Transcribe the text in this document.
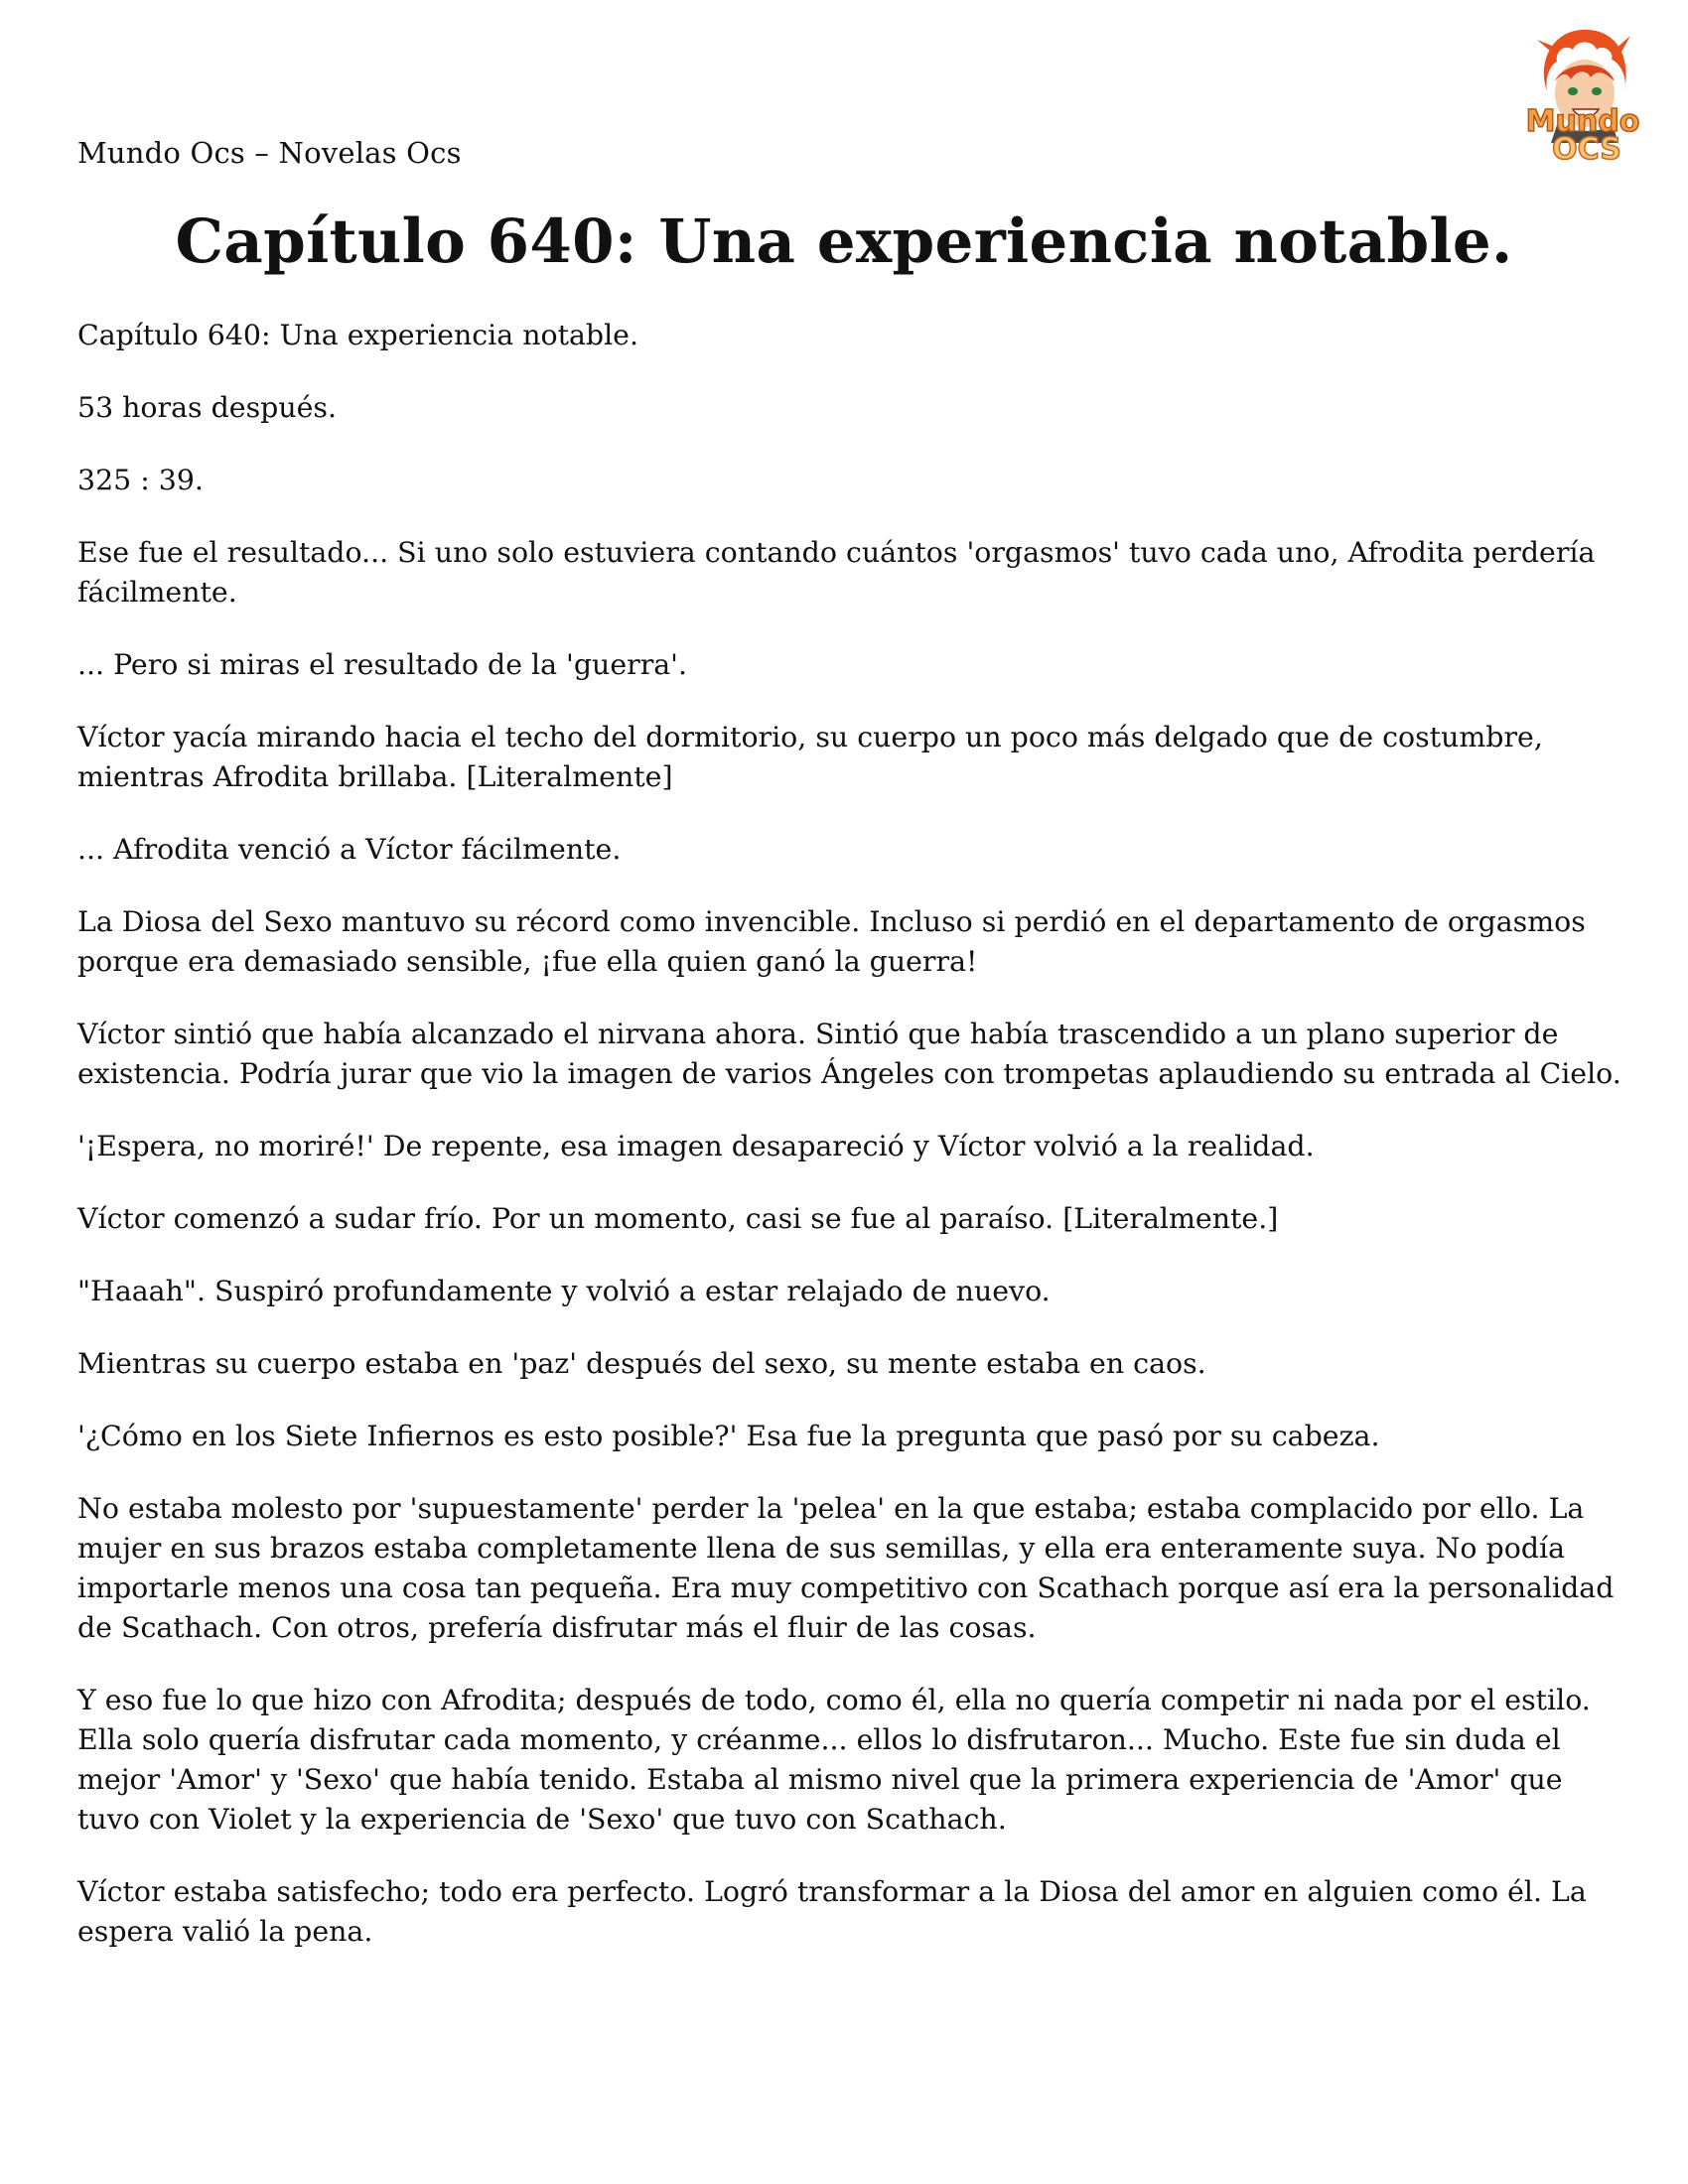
Mundo Ocs – Novelas Ocs
Mundo
OCS
Capítulo 640: Una experiencia notable.

Capítulo 640: Una experiencia notable.

53 horas después.

325 : 39.

Ese fue el resultado... Si uno solo estuviera contando cuántos 'orgasmos' tuvo cada uno, Afrodita perdería fácilmente.

... Pero si miras el resultado de la 'guerra'.

Víctor yacía mirando hacia el techo del dormitorio, su cuerpo un poco más delgado que de costumbre, mientras Afrodita brillaba. [Literalmente]

... Afrodita venció a Víctor fácilmente.

La Diosa del Sexo mantuvo su récord como invencible. Incluso si perdió en el departamento de orgasmos porque era demasiado sensible, ¡fue ella quien ganó la guerra!

Víctor sintió que había alcanzado el nirvana ahora. Sintió que había trascendido a un plano superior de existencia. Podría jurar que vio la imagen de varios Ángeles con trompetas aplaudiendo su entrada al Cielo.

'¡Espera, no moriré!' De repente, esa imagen desapareció y Víctor volvió a la realidad.

Víctor comenzó a sudar frío. Por un momento, casi se fue al paraíso. [Literalmente.]

"Haaah". Suspiró profundamente y volvió a estar relajado de nuevo.

Mientras su cuerpo estaba en 'paz' después del sexo, su mente estaba en caos.

'¿Cómo en los Siete Infiernos es esto posible?' Esa fue la pregunta que pasó por su cabeza.

No estaba molesto por 'supuestamente' perder la 'pelea' en la que estaba; estaba complacido por ello. La mujer en sus brazos estaba completamente llena de sus semillas, y ella era enteramente suya. No podía importarle menos una cosa tan pequeña. Era muy competitivo con Scathach porque así era la personalidad de Scathach. Con otros, prefería disfrutar más el fluir de las cosas.

Y eso fue lo que hizo con Afrodita; después de todo, como él, ella no quería competir ni nada por el estilo. Ella solo quería disfrutar cada momento, y créanme... ellos lo disfrutaron... Mucho. Este fue sin duda el mejor 'Amor' y 'Sexo' que había tenido. Estaba al mismo nivel que la primera experiencia de 'Amor' que tuvo con Violet y la experiencia de 'Sexo' que tuvo con Scathach.

Víctor estaba satisfecho; todo era perfecto. Logró transformar a la Diosa del amor en alguien como él. La espera valió la pena.
